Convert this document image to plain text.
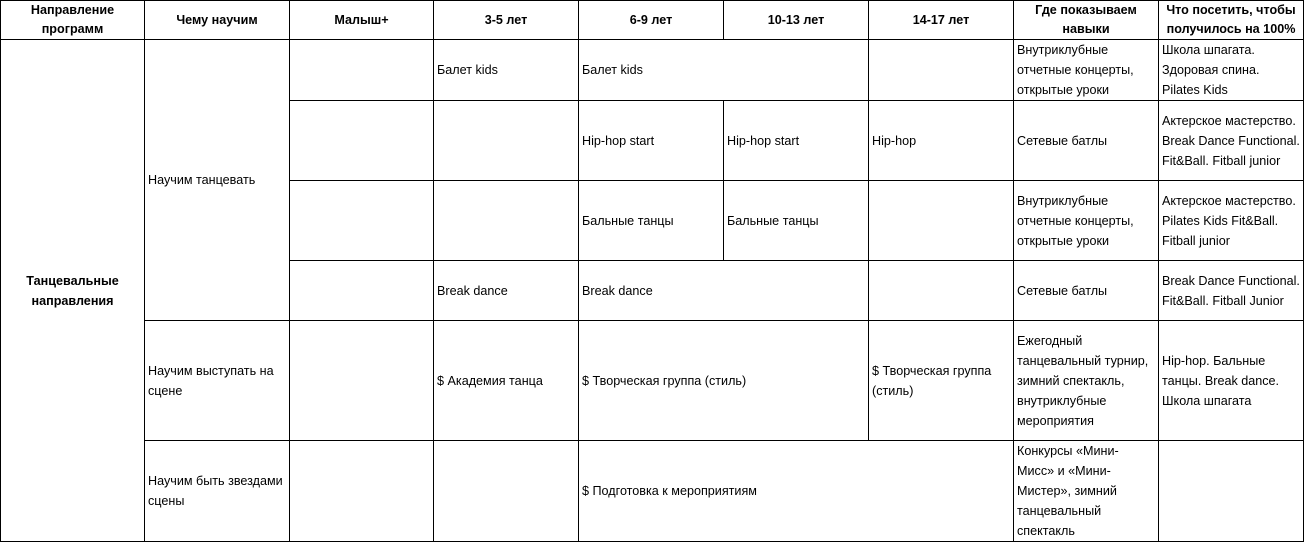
Направление программ	Чему научим	Малыш+	3-5 лет	6-9 лет	10-13 лет	14-17 лет	Где показываем навыки	Что посетить, чтобы получилось на 100%
Танцевальные направления	Научим танцевать		Балет kids	Балет kids			Внутриклубные отчетные концерты, открытые уроки	Школа шпагата. Здоровая спина. Pilates Kids
				Hip-hop start	Hip-hop start	Hip-hop	Сетевые батлы	Актерское мастерство. Break Dance Functional. Fit&Ball. Fitball junior
				Бальные танцы	Бальные танцы		Внутриклубные отчетные концерты, открытые уроки	Актерское мастерство. Pilates Kids Fit&Ball. Fitball junior
			Break dance	Break dance			Сетевые батлы	Break Dance Functional. Fit&Ball. Fitball Junior
	Научим выступать на сцене		$ Академия танца	$ Творческая группа (стиль)		$ Творческая группа (стиль)	Ежегодный танцевальный турнир, зимний спектакль, внутриклубные мероприятия	Hip-hop. Бальные танцы. Break dance. Школа шпагата
	Научим быть звездами сцены			$ Подготовка к мероприятиям			Конкурсы «Мини-Мисс» и «Мини-Мистер», зимний танцевальный спектакль	
